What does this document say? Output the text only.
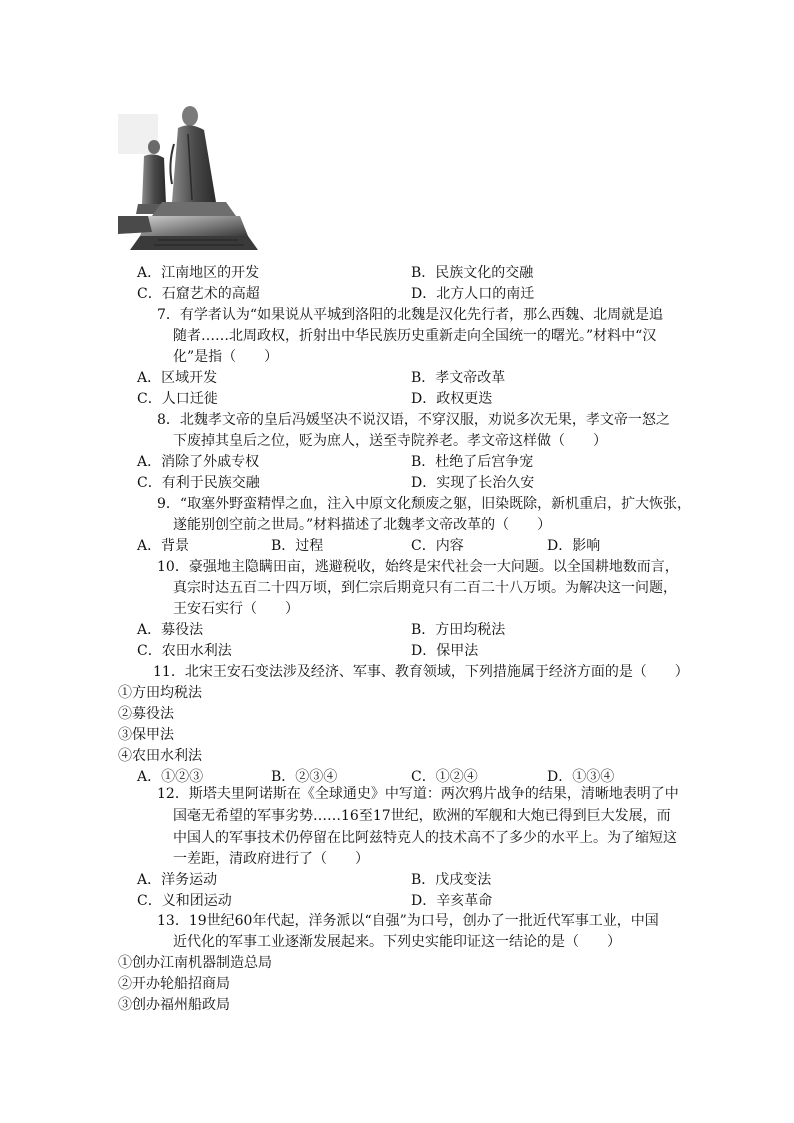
A．江南地区的开发	B．民族文化的交融
C．石窟艺术的高超	D．北方人口的南迁
7．有学者认为“如果说从平城到洛阳的北魏是汉化先行者，那么西魏、北周就是追
随者……北周政权，折射出中华民族历史重新走向全国统一的曙光。”材料中“汉
化”是指（　　）
A．区域开发	B．孝文帝改革
C．人口迁徙	D．政权更迭
8．北魏孝文帝的皇后冯媛坚决不说汉语，不穿汉服，劝说多次无果，孝文帝一怒之
下废掉其皇后之位，贬为庶人，送至寺院养老。孝文帝这样做（　　）
A．消除了外戚专权	B．杜绝了后宫争宠
C．有利于民族交融	D．实现了长治久安
9．“取塞外野蛮精悍之血，注入中原文化颓废之躯，旧染既除，新机重启，扩大恢张，
遂能别创空前之世局。”材料描述了北魏孝文帝改革的（　　）
A．背景	B．过程	C．内容	D．影响
10．豪强地主隐瞒田亩，逃避税收，始终是宋代社会一大问题。以全国耕地数而言，
真宗时达五百二十四万顷，到仁宗后期竟只有二百二十八万顷。为解决这一问题，
王安石实行（　　）
A．募役法	B．方田均税法
C．农田水利法	D．保甲法
11．北宋王安石变法涉及经济、军事、教育领域，下列措施属于经济方面的是（　　）
①方田均税法
②募役法
③保甲法
④农田水利法
A．①②③	B．②③④	C．①②④	D．①③④
12．斯塔夫里阿诺斯在《全球通史》中写道：两次鸦片战争的结果，清晰地表明了中
国毫无希望的军事劣势……16至17世纪，欧洲的军舰和大炮已得到巨大发展，而
中国人的军事技术仍停留在比阿兹特克人的技术高不了多少的水平上。为了缩短这
一差距，清政府进行了（　　）
A．洋务运动	B．戊戌变法
C．义和团运动	D．辛亥革命
13．19世纪60年代起，洋务派以“自强”为口号，创办了一批近代军事工业，中国
近代化的军事工业逐渐发展起来。下列史实能印证这一结论的是（　　）
①创办江南机器制造总局
②开办轮船招商局
③创办福州船政局
